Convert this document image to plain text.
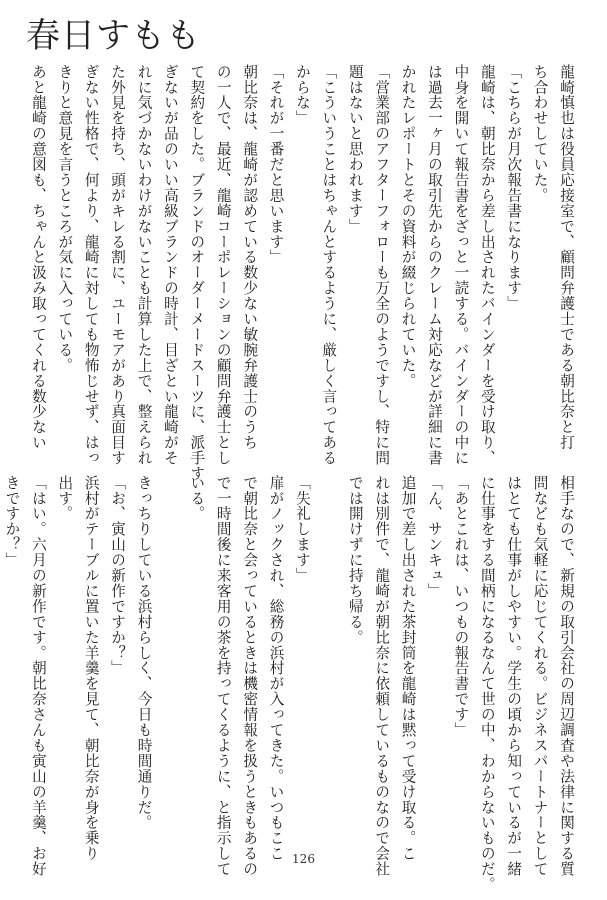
春日すもも
龍崎慎也は役員応接室で、顧問弁護士である朝比奈と打
ち合わせしていた。
「こちらが月次報告書になります」
龍崎は、朝比奈から差し出されたバインダーを受け取り、
中身を開いて報告書をざっと一読する。バインダーの中に
は過去一ヶ月の取引先からのクレーム対応などが詳細に書
かれたレポートとその資料が綴じられていた。
「営業部のアフターフォローも万全のようですし、特に問
題はないと思われます」
「こういうことはちゃんとするように、厳しく言ってある
からな」
「それが一番だと思います」
朝比奈は、龍崎が認めている数少ない敏腕弁護士のうち
の一人で、最近、龍崎コーポレーションの顧問弁護士とし
て契約をした。ブランドのオーダーメードスーツに、派手す
ぎないが品のいい高級ブランドの時計、目ざとい龍崎がそ
れに気づかないわけがないことも計算した上で、整えられ
た外見を持ち、頭がキレる割に、ユーモアがあり真面目す
ぎない性格で、何より、龍崎に対しても物怖じせず、はっ
きりと意見を言うところが気に入っている。
あと龍崎の意図も、ちゃんと汲み取ってくれる数少ない
相手なので、新規の取引会社の周辺調査や法律に関する質
問なども気軽に応じてくれる。ビジネスパートナーとして
はとても仕事がしやすい。学生の頃から知っているが一緒
に仕事をする間柄になるなんて世の中、わからないものだ。
「あとこれは、いつもの報告書です」
「ん、サンキュ」
追加で差し出された茶封筒を龍崎は黙って受け取る。こ
れは別件で、龍崎が朝比奈に依頼しているものなので会社
では開けずに持ち帰る。
「失礼します」
扉がノックされ、総務の浜村が入ってきた。いつもここ
で朝比奈と会っているときは機密情報を扱うときもあるの
で一時間後に来客用の茶を持ってくるように、と指示して
いる。
きっちりしている浜村らしく、今日も時間通りだ。
「お、寅山の新作ですか？」
浜村がテーブルに置いた羊羹を見て、朝比奈が身を乗り
出す。
「はい。六月の新作です。朝比奈さんも寅山の羊羹、お好
きですか？」
126
